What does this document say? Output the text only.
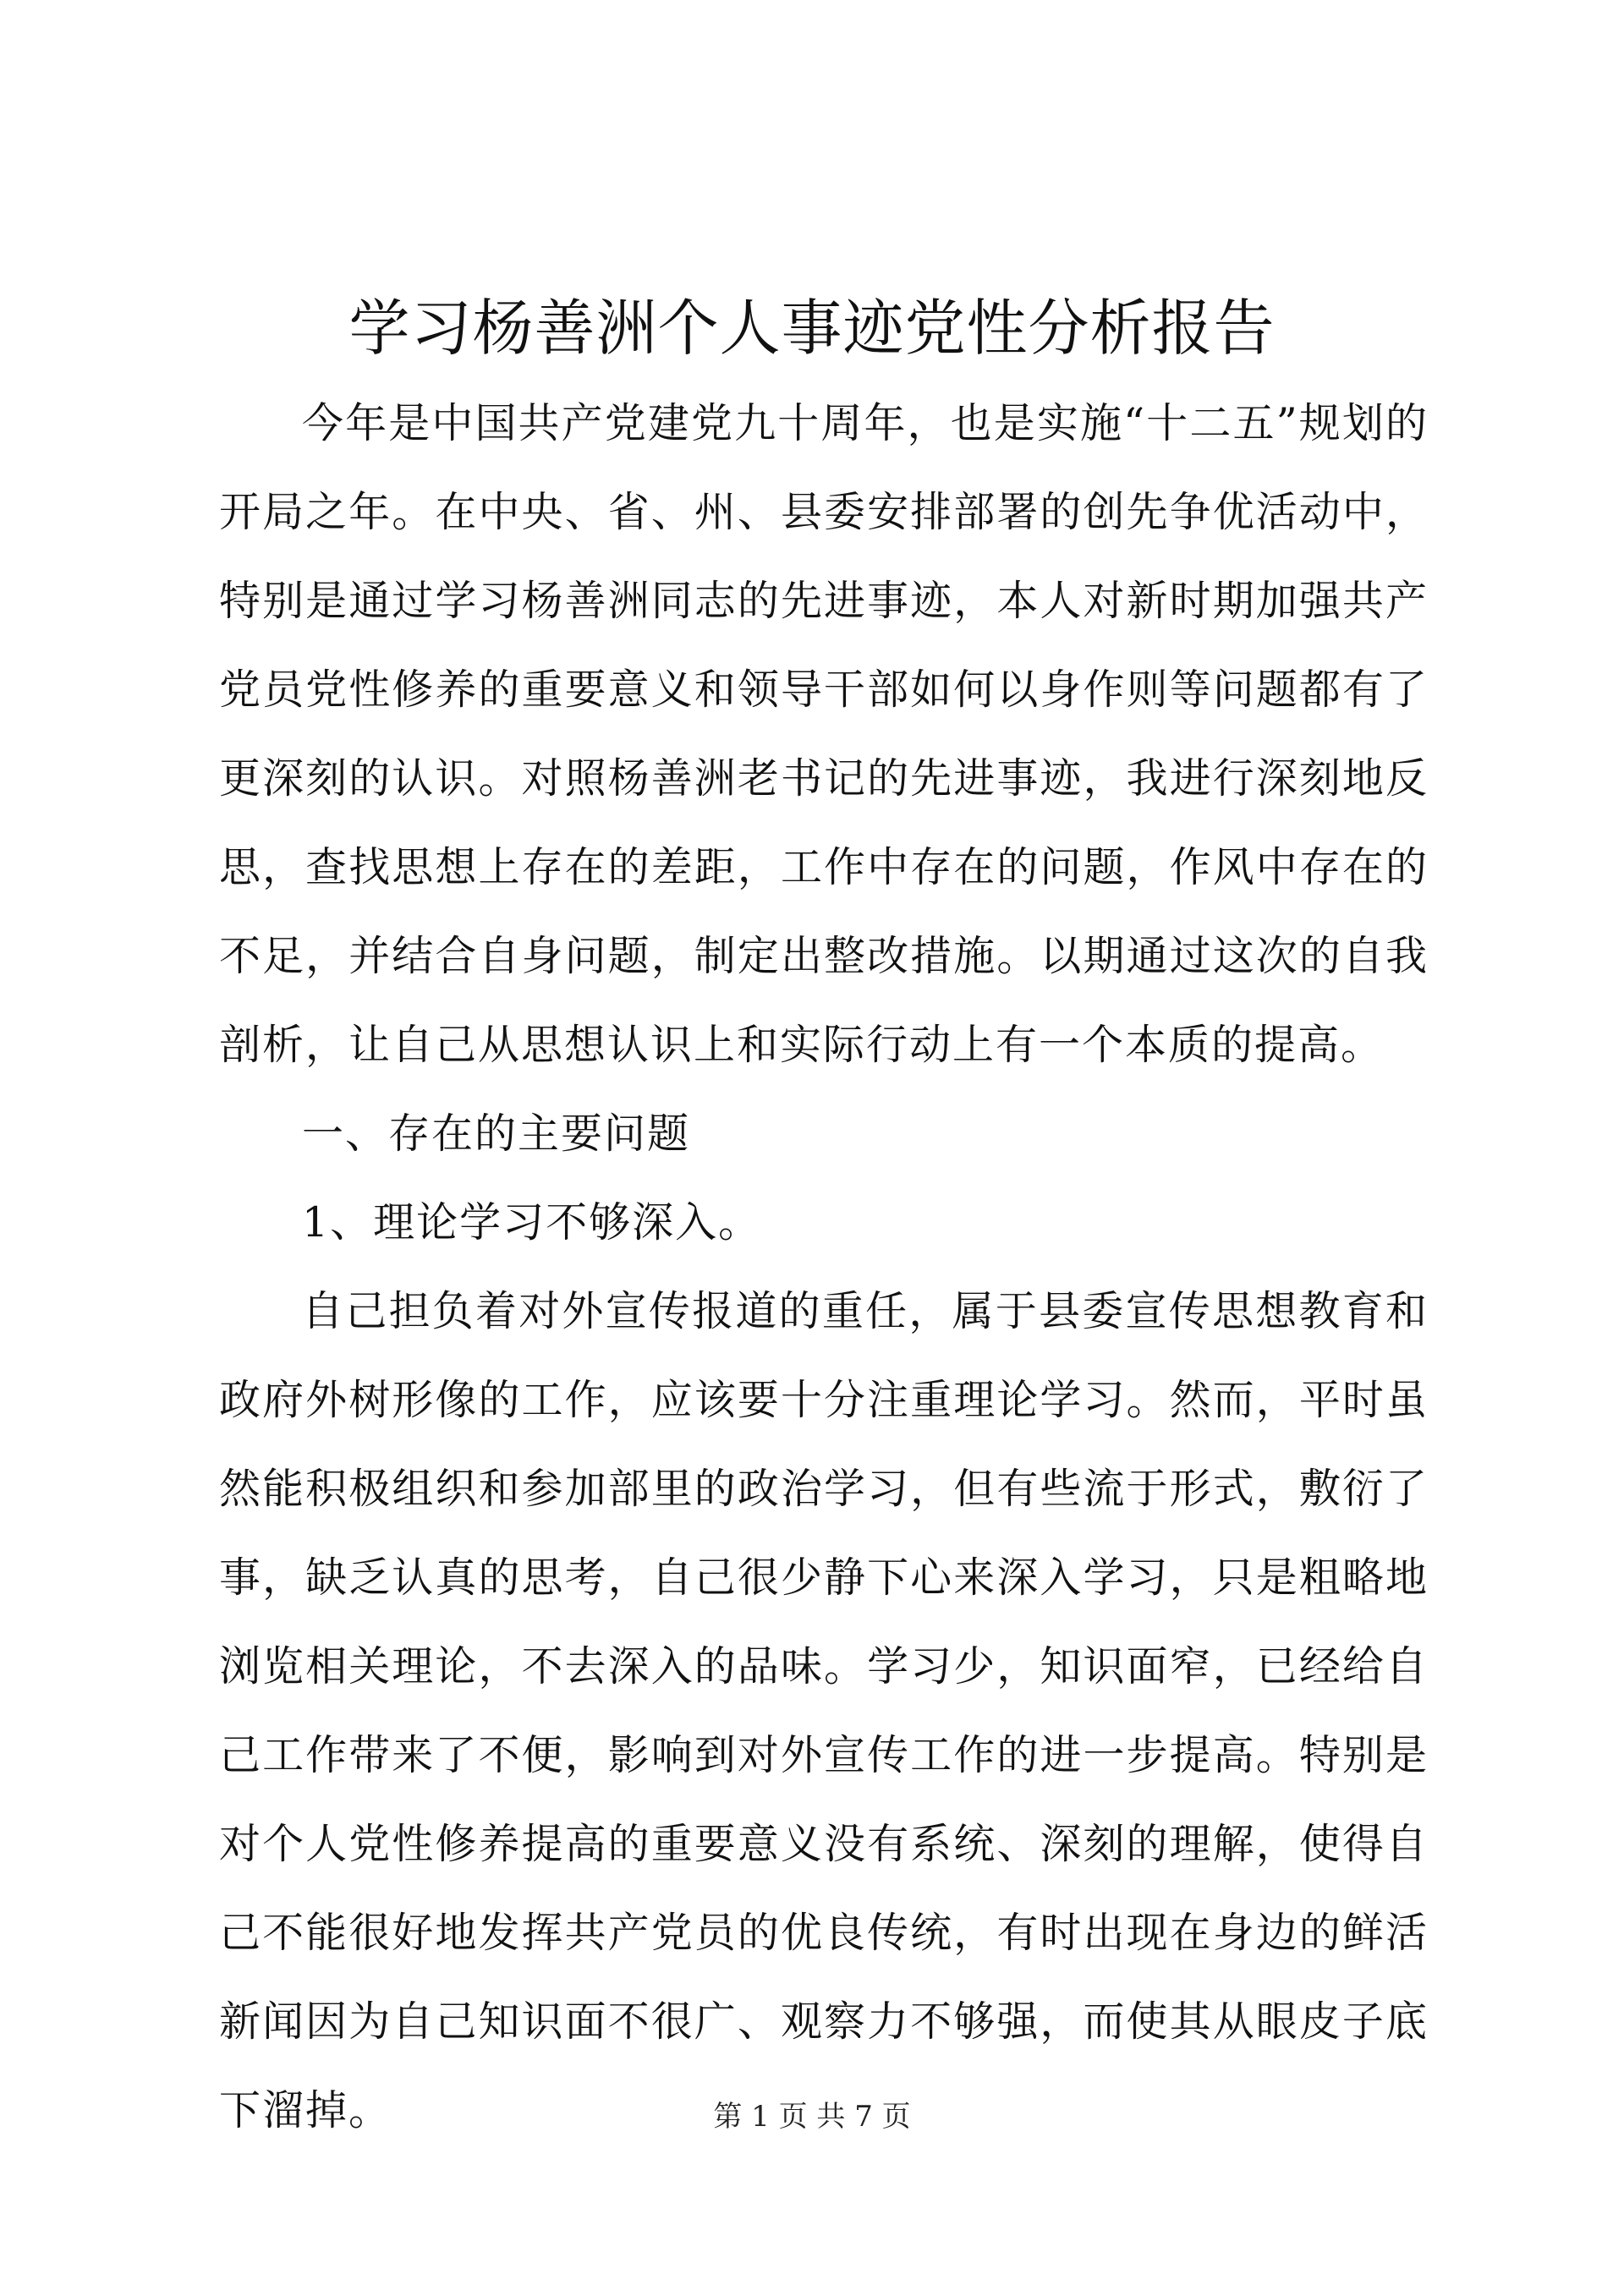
学习杨善洲个人事迹党性分析报告

今年是中国共产党建党九十周年，也是实施“十二五”规划的开局之年。在中央、省、州、县委安排部署的创先争优活动中，特别是通过学习杨善洲同志的先进事迹，本人对新时期加强共产党员党性修养的重要意义和领导干部如何以身作则等问题都有了更深刻的认识。对照杨善洲老书记的先进事迹，我进行深刻地反思，查找思想上存在的差距，工作中存在的问题，作风中存在的不足，并结合自身问题，制定出整改措施。以期通过这次的自我剖析，让自己从思想认识上和实际行动上有一个本质的提高。

一、存在的主要问题

1、理论学习不够深入。

自己担负着对外宣传报道的重任，属于县委宣传思想教育和政府外树形像的工作，应该要十分注重理论学习。然而，平时虽然能积极组织和参加部里的政治学习，但有些流于形式，敷衍了事，缺乏认真的思考，自己很少静下心来深入学习，只是粗略地浏览相关理论，不去深入的品味。学习少，知识面窄，已经给自己工作带来了不便，影响到对外宣传工作的进一步提高。特别是对个人党性修养提高的重要意义没有系统、深刻的理解，使得自己不能很好地发挥共产党员的优良传统，有时出现在身边的鲜活新闻因为自己知识面不很广、观察力不够强，而使其从眼皮子底下溜掉。	第 1 页 共 7 页
